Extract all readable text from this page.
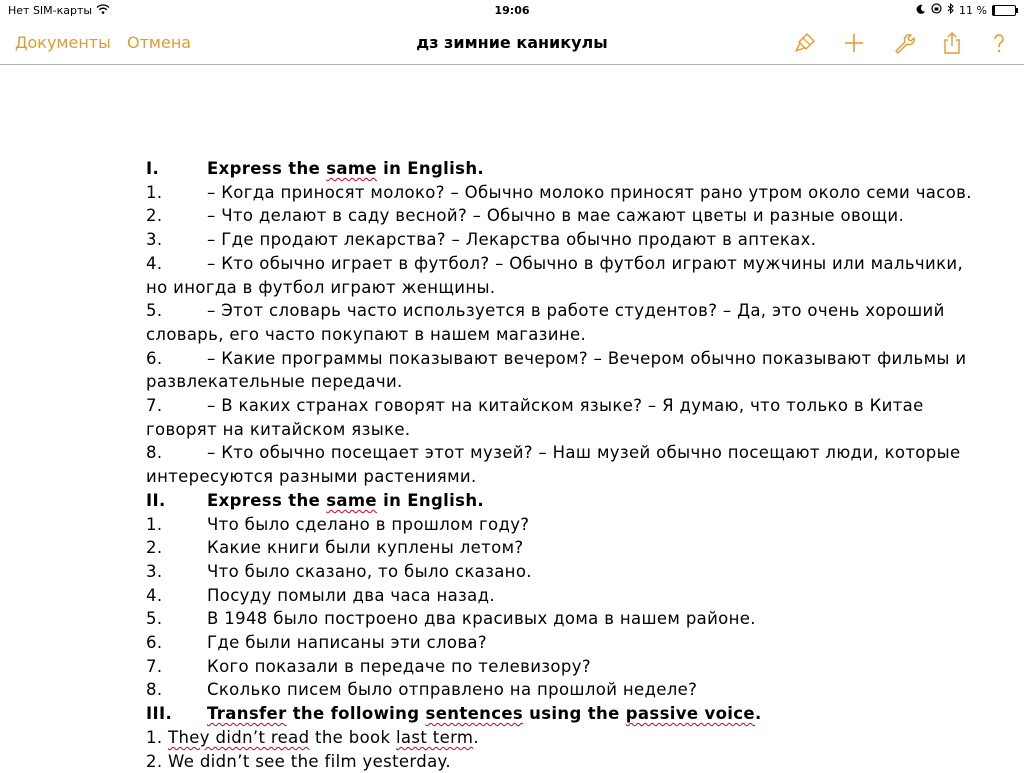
Нет SIM-карты	19:06	11 %
Документы Отмена	дз зимние каникулы
I.	Express the same in English.
1.	– Когда приносят молоко? – Обычно молоко приносят рано утром около семи часов.
2.	– Что делают в саду весной? – Обычно в мае сажают цветы и разные овощи.
3.	– Где продают лекарства? – Лекарства обычно продают в аптеках.
4.	– Кто обычно играет в футбол? – Обычно в футбол играют мужчины или мальчики,
но иногда в футбол играют женщины.
5.	– Этот словарь часто используется в работе студентов? – Да, это очень хороший
словарь, его часто покупают в нашем магазине.
6.	– Какие программы показывают вечером? – Вечером обычно показывают фильмы и
развлекательные передачи.
7.	– В каких странах говорят на китайском языке? – Я думаю, что только в Китае
говорят на китайском языке.
8.	– Кто обычно посещает этот музей? – Наш музей обычно посещают люди, которые
интересуются разными растениями.
II.	Express the same in English.
1.	Что было сделано в прошлом году?
2.	Какие книги были куплены летом?
3.	Что было сказано, то было сказано.
4.	Посуду помыли два часа назад.
5.	В 1948 было построено два красивых дома в нашем районе.
6.	Где были написаны эти слова?
7.	Кого показали в передаче по телевизору?
8.	Сколько писем было отправлено на прошлой неделе?
III. Transfer the following sentences using the passive voice.
1. They didn’t read the book last term.
2. We didn’t see the film yesterday.
